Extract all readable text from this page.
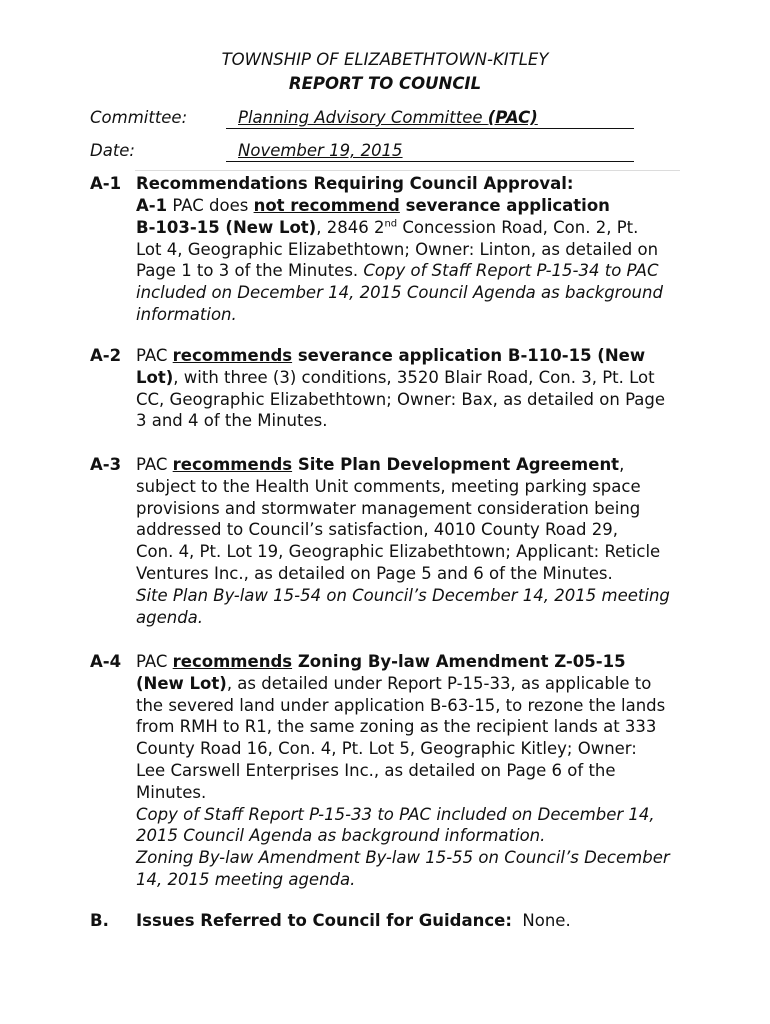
TOWNSHIP OF ELIZABETHTOWN-KITLEY
REPORT TO COUNCIL
Committee:	Planning Advisory Committee (PAC)
Date:	November 19, 2015
A-1 Recommendations Requiring Council Approval:
A-1 PAC does not recommend severance application
B-103-15 (New Lot), 2846 2nd Concession Road, Con. 2, Pt.
Lot 4, Geographic Elizabethtown; Owner: Linton, as detailed on
Page 1 to 3 of the Minutes. Copy of Staff Report P-15-34 to PAC
included on December 14, 2015 Council Agenda as background
information.
A-2 PAC recommends severance application B-110-15 (New
Lot), with three (3) conditions, 3520 Blair Road, Con. 3, Pt. Lot
CC, Geographic Elizabethtown; Owner: Bax, as detailed on Page
3 and 4 of the Minutes.
A-3 PAC recommends Site Plan Development Agreement,
subject to the Health Unit comments, meeting parking space
provisions and stormwater management consideration being
addressed to Council’s satisfaction, 4010 County Road 29,
Con. 4, Pt. Lot 19, Geographic Elizabethtown; Applicant: Reticle
Ventures Inc., as detailed on Page 5 and 6 of the Minutes.
Site Plan By-law 15-54 on Council’s December 14, 2015 meeting
agenda.
A-4 PAC recommends Zoning By-law Amendment Z-05-15
(New Lot), as detailed under Report P-15-33, as applicable to
the severed land under application B-63-15, to rezone the lands
from RMH to R1, the same zoning as the recipient lands at 333
County Road 16, Con. 4, Pt. Lot 5, Geographic Kitley; Owner:
Lee Carswell Enterprises Inc., as detailed on Page 6 of the
Minutes.
Copy of Staff Report P-15-33 to PAC included on December 14,
2015 Council Agenda as background information.
Zoning By-law Amendment By-law 15-55 on Council’s December
14, 2015 meeting agenda.
B. Issues Referred to Council for Guidance:  None.
